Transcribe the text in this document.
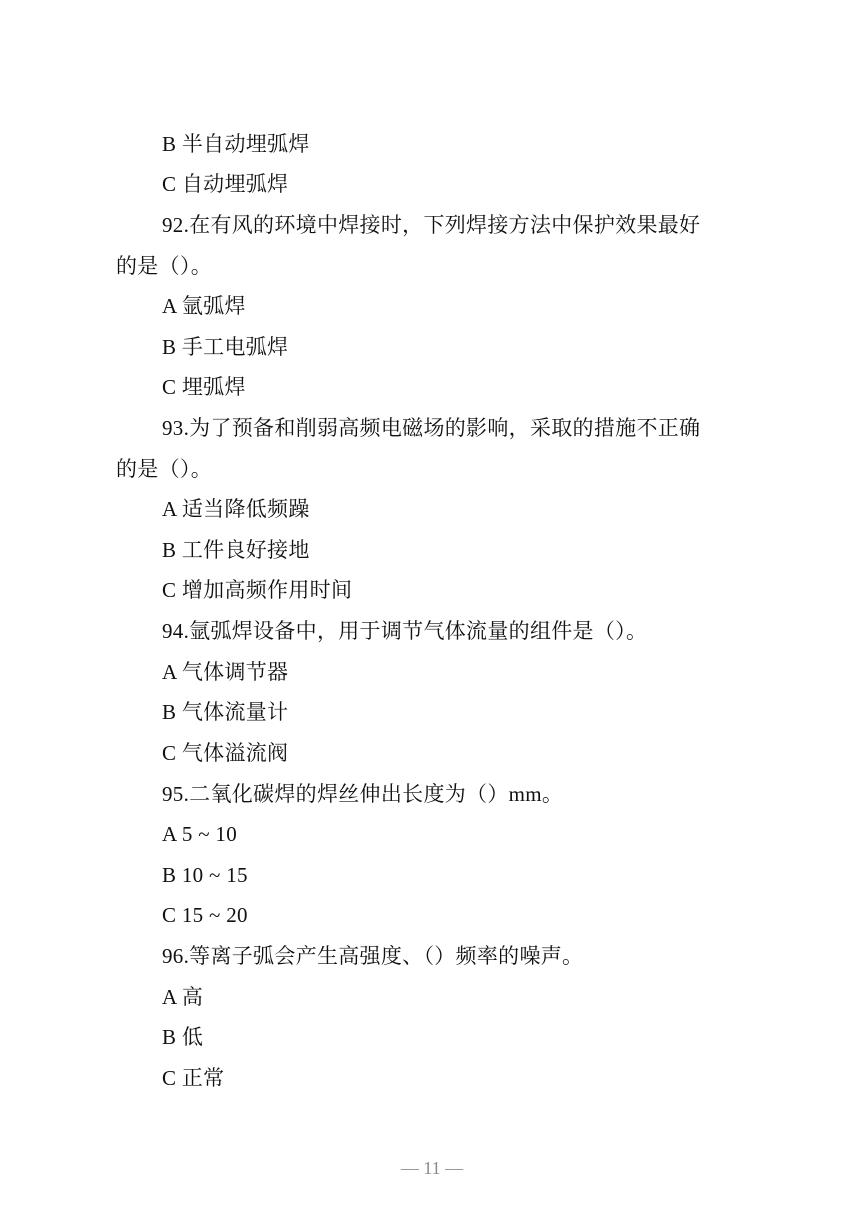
B 半自动埋弧焊
C 自动埋弧焊
92.在有风的环境中焊接时，下列焊接方法中保护效果最好
的是（）。
A 氩弧焊
B 手工电弧焊
C 埋弧焊
93.为了预备和削弱高频电磁场的影响，采取的措施不正确
的是（）。
A 适当降低频躁
B 工件良好接地
C 增加高频作用时间
94.氩弧焊设备中，用于调节气体流量的组件是（）。
A 气体调节器
B 气体流量计
C 气体溢流阀
95.二氧化碳焊的焊丝伸出长度为（）mm。
A 5 ~ 10
B 10 ~ 15
C 15 ~ 20
96.等离子弧会产生高强度、（）频率的噪声。
A 高
B 低
C 正常
— 11 —
